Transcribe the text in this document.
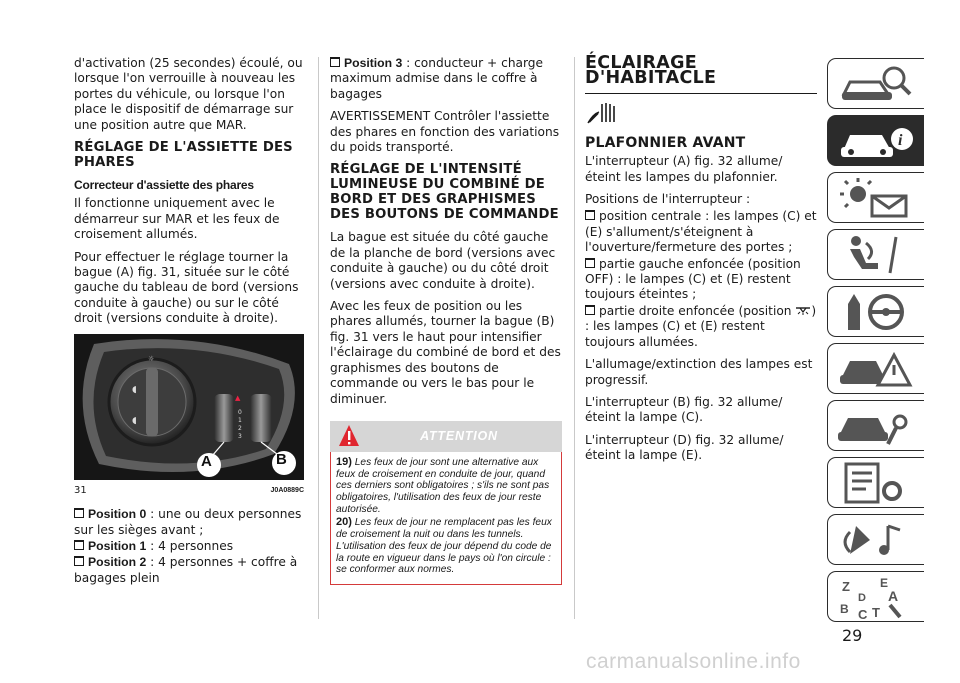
d'activation (25 secondes) écoulé, ou lorsque l'on verrouille à nouveau les portes du véhicule, ou lorsque l'on place le dispositif de démarrage sur une position autre que MAR.

RÉGLAGE DE L'ASSIETTE DES PHARES
Correcteur d'assiette des phares

Il fonctionne uniquement avec le démarreur sur MAR et les feux de croisement allumés.

Pour effectuer le réglage tourner la bague (A) fig. 31, située sur le côté gauche du tableau de bord (versions conduite à gauche) ou sur le côté droit (versions conduite à droite).

◖
◖
☼
▲
0
1
2
3
A	B
31	J0A0889C
Position 0 : une ou deux personnes sur les sièges avant ;
Position 1 : 4 personnes
Position 2 : 4 personnes + coffre à bagages plein
Position 3 : conducteur + charge maximum admise dans le coffre à bagages

AVERTISSEMENT Contrôler l'assiette des phares en fonction des variations du poids transporté.

RÉGLAGE DE L'INTENSITÉ LUMINEUSE DU COMBINÉ DE BORD ET DES GRAPHISMES DES BOUTONS DE COMMANDE

La bague est située du côté gauche de la planche de bord (versions avec conduite à gauche) ou du côté droit (versions avec conduite à droite).

Avec les feux de position ou les phares allumés, tourner la bague (B) fig. 31 vers le haut pour intensifier l'éclairage du combiné de bord et des graphismes des boutons de commande ou vers le bas pour le diminuer.

ATTENTION

19) Les feux de jour sont une alternative aux feux de croisement en conduite de jour, quand ces derniers sont obligatoires ; s'ils ne sont pas obligatoires, l'utilisation des feux de jour reste autorisée.

20) Les feux de jour ne remplacent pas les feux de croisement la nuit ou dans les tunnels. L'utilisation des feux de jour dépend du code de la route en vigueur dans le pays où l'on circule : se conformer aux normes.

ÉCLAIRAGE D'HABITACLE
PLAFONNIER AVANT

L'interrupteur (A) fig. 32 allume/éteint les lampes du plafonnier.

Positions de l'interrupteur :

position centrale : les lampes (C) et (E) s'allument/s'éteignent à l'ouverture/fermeture des portes ;
partie gauche enfoncée (position OFF) : le lampes (C) et (E) restent toujours éteintes ;
partie droite enfoncée (position ) : les lampes (C) et (E) restent toujours allumées.

L'allumage/extinction des lampes est progressif.

L'interrupteur (B) fig. 32 allume/éteint la lampe (C).

L'interrupteur (D) fig. 32 allume/éteint la lampe (E).

i
Z	E
A
B C T
D
29
carmanualsonline.info
